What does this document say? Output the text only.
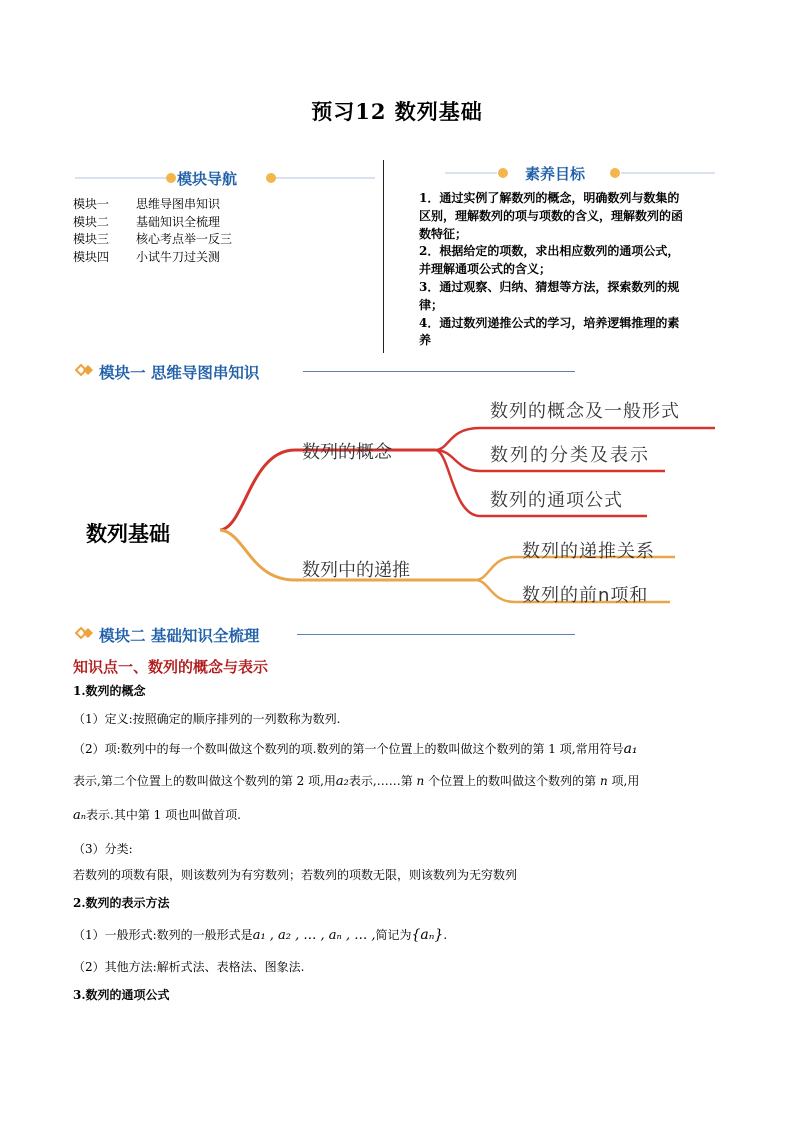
预习12 数列基础
模块导航
模块一 思维导图串知识
模块二 基础知识全梳理
模块三 核心考点举一反三
模块四 小试牛刀过关测
素养目标
1．通过实例了解数列的概念，明确数列与数集的
区别，理解数列的项与项数的含义，理解数列的函
数特征；
2．根据给定的项数，求出相应数列的通项公式，
并理解通项公式的含义；
3．通过观察、归纳、猜想等方法，探索数列的规
律；
4．通过数列递推公式的学习，培养逻辑推理的素
养
模块一 思维导图串知识
数列基础
数列的概念
数列的概念及一般形式
数列的分类及表示
数列的通项公式
数列中的递推
数列的递推关系
数列的前n项和
模块二 基础知识全梳理
知识点一、数列的概念与表示
1.数列的概念
（1）定义:按照确定的顺序排列的一列数称为数列.
（2）项:数列中的每一个数叫做这个数列的项.数列的第一个位置上的数叫做这个数列的第 1 项,常用符号a₁
表示,第二个位置上的数叫做这个数列的第 2 项,用a₂表示,……第 n 个位置上的数叫做这个数列的第 n 项,用
aₙ表示.其中第 1 项也叫做首项.
（3）分类:
若数列的项数有限，则该数列为有穷数列；若数列的项数无限，则该数列为无穷数列
2.数列的表示方法
（1）一般形式:数列的一般形式是a₁ , a₂ , … , aₙ , … ,简记为{aₙ}.
（2）其他方法:解析式法、表格法、图象法.
3.数列的通项公式
